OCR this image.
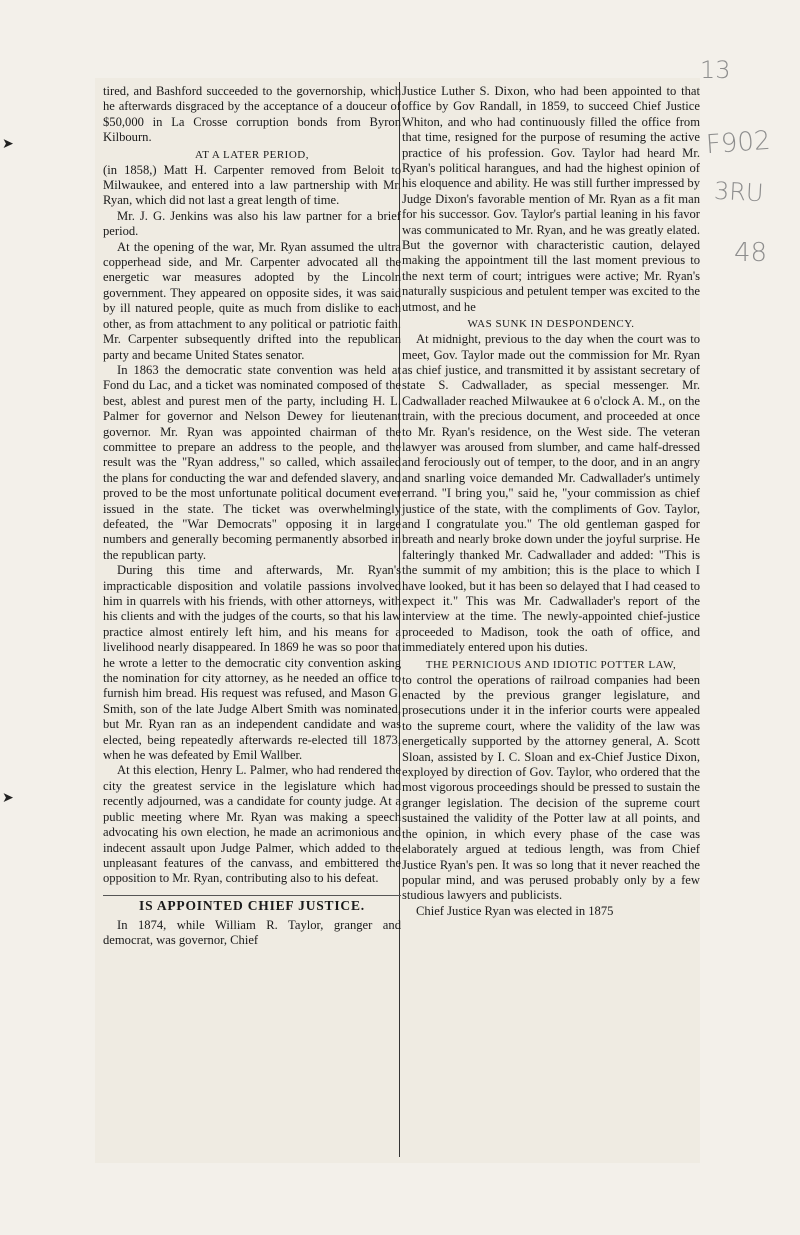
➤
➤
13
F902
3RU
48

tired, and Bashford succeeded to the governorship, which he afterwards disgraced by the acceptance of a douceur of $50,000 in La Crosse corruption bonds from Byron Kilbourn.

AT A LATER PERIOD,

(in 1858,) Matt H. Carpenter removed from Beloit to Milwaukee, and entered into a law partnership with Mr. Ryan, which did not last a great length of time.

Mr. J. G. Jenkins was also his law partner for a brief period.

At the opening of the war, Mr. Ryan assumed the ultra copperhead side, and Mr. Carpenter advocated all the energetic war measures adopted by the Lincoln government. They appeared on opposite sides, it was said by ill natured people, quite as much from dislike to each other, as from attachment to any political or patriotic faith. Mr. Carpenter subsequently drifted into the republican party and became United States senator.

In 1863 the democratic state convention was held at Fond du Lac, and a ticket was nominated composed of the best, ablest and purest men of the party, including H. L. Palmer for governor and Nelson Dewey for lieutenant governor. Mr. Ryan was appointed chairman of the committee to prepare an address to the people, and the result was the "Ryan address," so called, which assailed the plans for conducting the war and defended slavery, and proved to be the most unfortunate political document ever issued in the state. The ticket was overwhelmingly defeated, the "War Democrats" opposing it in large numbers and generally becoming permanently absorbed in the republican party.

During this time and afterwards, Mr. Ryan's impracticable disposition and volatile passions involved him in quarrels with his friends, with other attorneys, with his clients and with the judges of the courts, so that his law practice almost entirely left him, and his means for a livelihood nearly disappeared. In 1869 he was so poor that he wrote a letter to the democratic city convention asking the nomination for city attorney, as he needed an office to furnish him bread. His request was refused, and Mason G. Smith, son of the late Judge Albert Smith was nominated, but Mr. Ryan ran as an independent candidate and was elected, being repeatedly afterwards re-elected till 1873, when he was defeated by Emil Wallber.

At this election, Henry L. Palmer, who had rendered the city the greatest service in the legislature which had recently adjourned, was a candidate for county judge. At a public meeting where Mr. Ryan was making a speech advocating his own election, he made an acrimonious and indecent assault upon Judge Palmer, which added to the unpleasant features of the canvass, and embittered the opposition to Mr. Ryan, contributing also to his defeat.

IS APPOINTED CHIEF JUSTICE.

In 1874, while William R. Taylor, granger and democrat, was governor, Chief

Justice Luther S. Dixon, who had been appointed to that office by Gov Randall, in 1859, to succeed Chief Justice Whiton, and who had continuously filled the office from that time, resigned for the purpose of resuming the active practice of his profession. Gov. Taylor had heard Mr. Ryan's political harangues, and had the highest opinion of his eloquence and ability. He was still further impressed by Judge Dixon's favorable mention of Mr. Ryan as a fit man for his successor. Gov. Taylor's partial leaning in his favor was communicated to Mr. Ryan, and he was greatly elated. But the governor with characteristic caution, delayed making the appointment till the last moment previous to the next term of court; intrigues were active; Mr. Ryan's naturally suspicious and petulent temper was excited to the utmost, and he

WAS SUNK IN DESPONDENCY.

At midnight, previous to the day when the court was to meet, Gov. Taylor made out the commission for Mr. Ryan as chief justice, and transmitted it by assistant secretary of state S. Cadwallader, as special messenger. Mr. Cadwallader reached Milwaukee at 6 o'clock A. M., on the train, with the precious document, and proceeded at once to Mr. Ryan's residence, on the West side. The veteran lawyer was aroused from slumber, and came half-dressed and ferociously out of temper, to the door, and in an angry and snarling voice demanded Mr. Cadwallader's untimely errand. "I bring you," said he, "your commission as chief justice of the state, with the compliments of Gov. Taylor, and I congratulate you." The old gentleman gasped for breath and nearly broke down under the joyful surprise. He falteringly thanked Mr. Cadwallader and added: "This is the summit of my ambition; this is the place to which I have looked, but it has been so delayed that I had ceased to expect it." This was Mr. Cadwallader's report of the interview at the time. The newly-appointed chief-justice proceeded to Madison, took the oath of office, and immediately entered upon his duties.

THE PERNICIOUS AND IDIOTIC POTTER LAW,

to control the operations of railroad companies had been enacted by the previous granger legislature, and prosecutions under it in the inferior courts were appealed to the supreme court, where the validity of the law was energetically supported by the attorney general, A. Scott Sloan, assisted by I. C. Sloan and ex-Chief Justice Dixon, exployed by direction of Gov. Taylor, who ordered that the most vigorous proceedings should be pressed to sustain the granger legislation. The decision of the supreme court sustained the validity of the Potter law at all points, and the opinion, in which every phase of the case was elaborately argued at tedious length, was from Chief Justice Ryan's pen. It was so long that it never reached the popular mind, and was perused probably only by a few studious lawyers and publicists.

Chief Justice Ryan was elected in 1875
